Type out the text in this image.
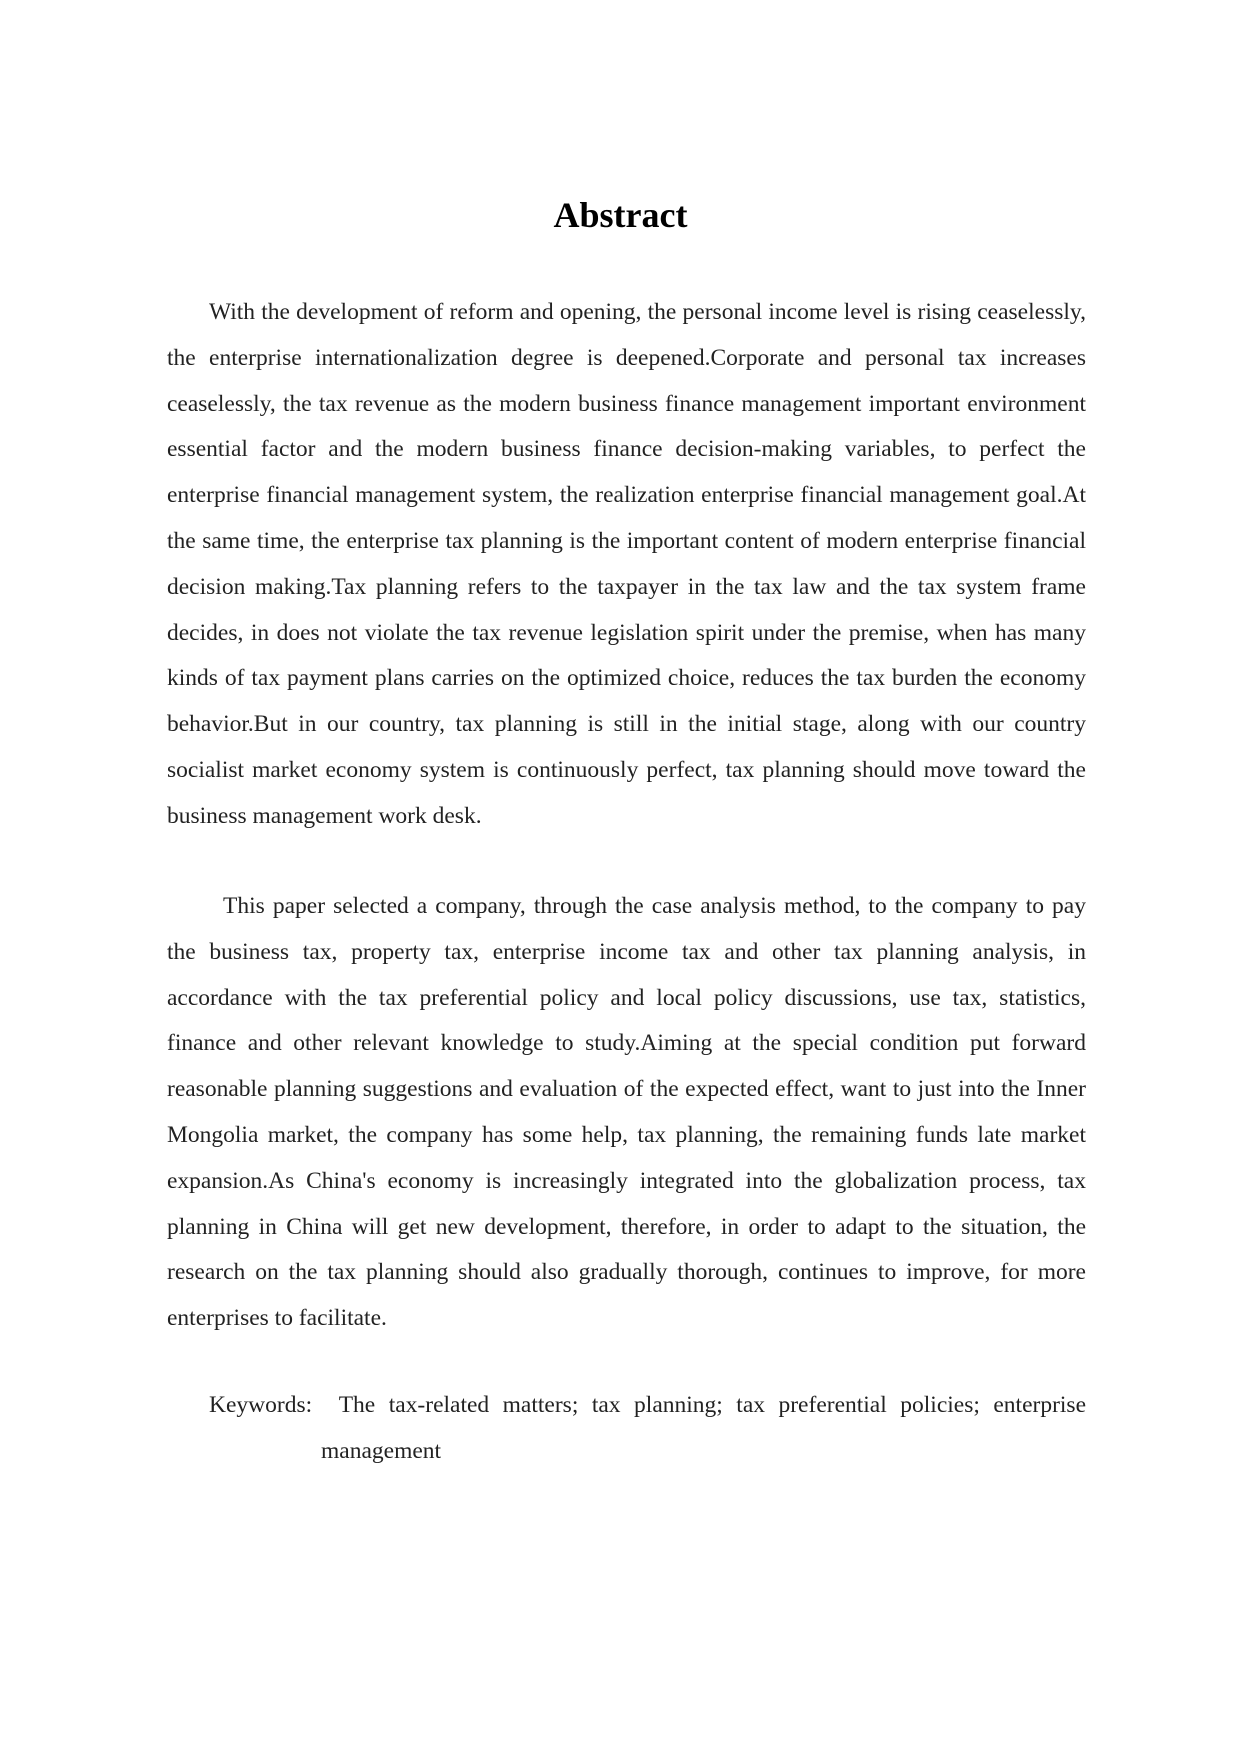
Abstract

With the development of reform and opening, the personal income level is rising ceaselessly, the enterprise internationalization degree is deepened.Corporate and personal tax increases ceaselessly, the tax revenue as the modern business finance management important environment essential factor and the modern business finance decision-making variables, to perfect the enterprise financial management system, the realization enterprise financial management goal.At the same time, the enterprise tax planning is the important content of modern enterprise financial decision making.Tax planning refers to the taxpayer in the tax law and the tax system frame decides, in does not violate the tax revenue legislation spirit under the premise, when has many kinds of tax payment plans carries on the optimized choice, reduces the tax burden the economy behavior.But in our country, tax planning is still in the initial stage, along with our country socialist market economy system is continuously perfect, tax planning should move toward the business management work desk.

This paper selected a company, through the case analysis method, to the company to pay the business tax, property tax, enterprise income tax and other tax planning analysis, in accordance with the tax preferential policy and local policy discussions, use tax, statistics, finance and other relevant knowledge to study.Aiming at the special condition put forward reasonable planning suggestions and evaluation of the expected effect, want to just into the Inner Mongolia market, the company has some help, tax planning, the remaining funds late market expansion.As China's economy is increasingly integrated into the globalization process, tax planning in China will get new development, therefore, in order to adapt to the situation, the research on the tax planning should also gradually thorough, continues to improve, for more enterprises to facilitate.

Keywords: The tax-related matters; tax planning; tax preferential policies; enterprise management
